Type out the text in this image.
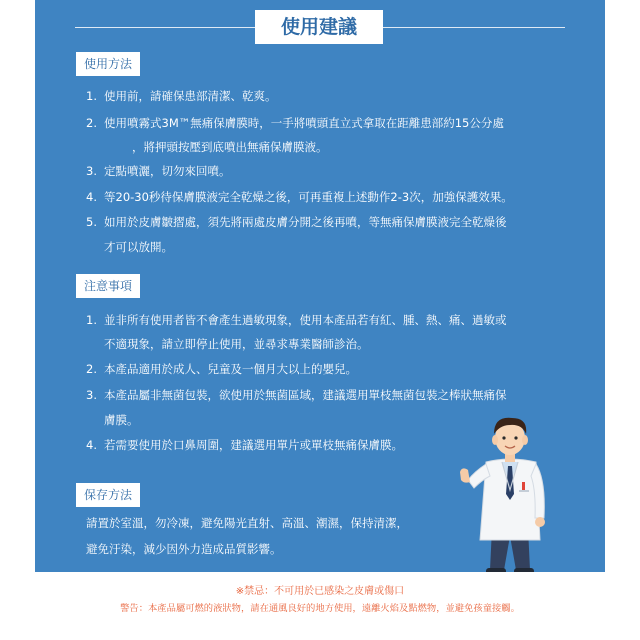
使用建議
使用方法
1. 使用前，請確保患部清潔、乾爽。
2. 使用噴霧式3M™無痛保膚膜時，一手將噴頭直立式拿取在距離患部約15公分處
，將押頭按壓到底噴出無痛保膚膜液。
3. 定點噴灑，切勿來回噴。
4. 等20-30秒待保膚膜液完全乾燥之後，可再重複上述動作2-3次，加強保護效果。
5. 如用於皮膚皺摺處，須先將兩處皮膚分開之後再噴，等無痛保膚膜液完全乾燥後
才可以放開。
注意事項
1. 並非所有使用者皆不會產生過敏現象，使用本產品若有紅、腫、熱、痛、過敏或
不適現象，請立即停止使用，並尋求專業醫師診治。
2. 本產品適用於成人、兒童及一個月大以上的嬰兒。
3. 本產品屬非無菌包裝，欲使用於無菌區域，建議選用單枝無菌包裝之棒狀無痛保
膚膜。
4. 若需要使用於口鼻周圍，建議選用單片或單枝無痛保膚膜。
保存方法
請置於室溫，勿冷凍，避免陽光直射、高溫、潮濕，保持清潔，
避免汙染，減少因外力造成品質影響。
※禁忌：不可用於已感染之皮膚或傷口
警告：本產品屬可燃的液狀物，請在通風良好的地方使用，遠離火焰及點燃物，並避免孩童接觸。
